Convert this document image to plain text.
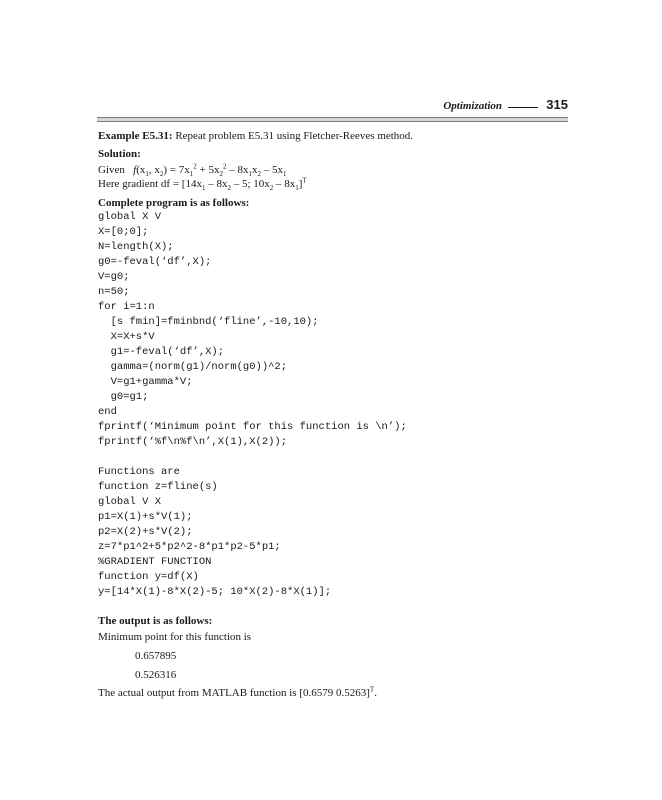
Optimization	315
Example E5.31: Repeat problem E5.31 using Fletcher-Reeves method.
Solution:
Given $f(x_1$, $x_2) = 7x_1^2 + 5x_2^2 - 8x_1x_2 - 5x_1$
Here gradient df = [$14x_1 - 8x_2 - 5$; $10x_2 - 8x_1]^T$
Complete program is as follows:
global X V
X=[0;0];
N=length(X);
g0=-feval(‘df’,X);
V=g0;
n=50;
for i=1:n
[s fmin]=fminbnd(‘fline’,-10,10);
X=X+s*V
g1=-feval(‘df’,X);
gamma=(norm(g1)/norm(g0))^2;
V=g1+gamma*V;
g0=g1;
end
fprintf(‘Minimum point for this function is \n’);
fprintf(‘%f\n%f\n’,X(1),X(2));
Functions are
function z=fline(s)
global V X
p1=X(1)+s*V(1);
p2=X(2)+s*V(2);
z=7*p1^2+5*p2^2-8*p1*p2-5*p1;
%GRADIENT FUNCTION
function y=df(X)
y=[14*X(1)-8*X(2)-5; 10*X(2)-8*X(1)];
The output is as follows:
Minimum point for this function is
0.657895
0.526316
The actual output from MATLAB function is [0.6579 0.5263]$^T$.
